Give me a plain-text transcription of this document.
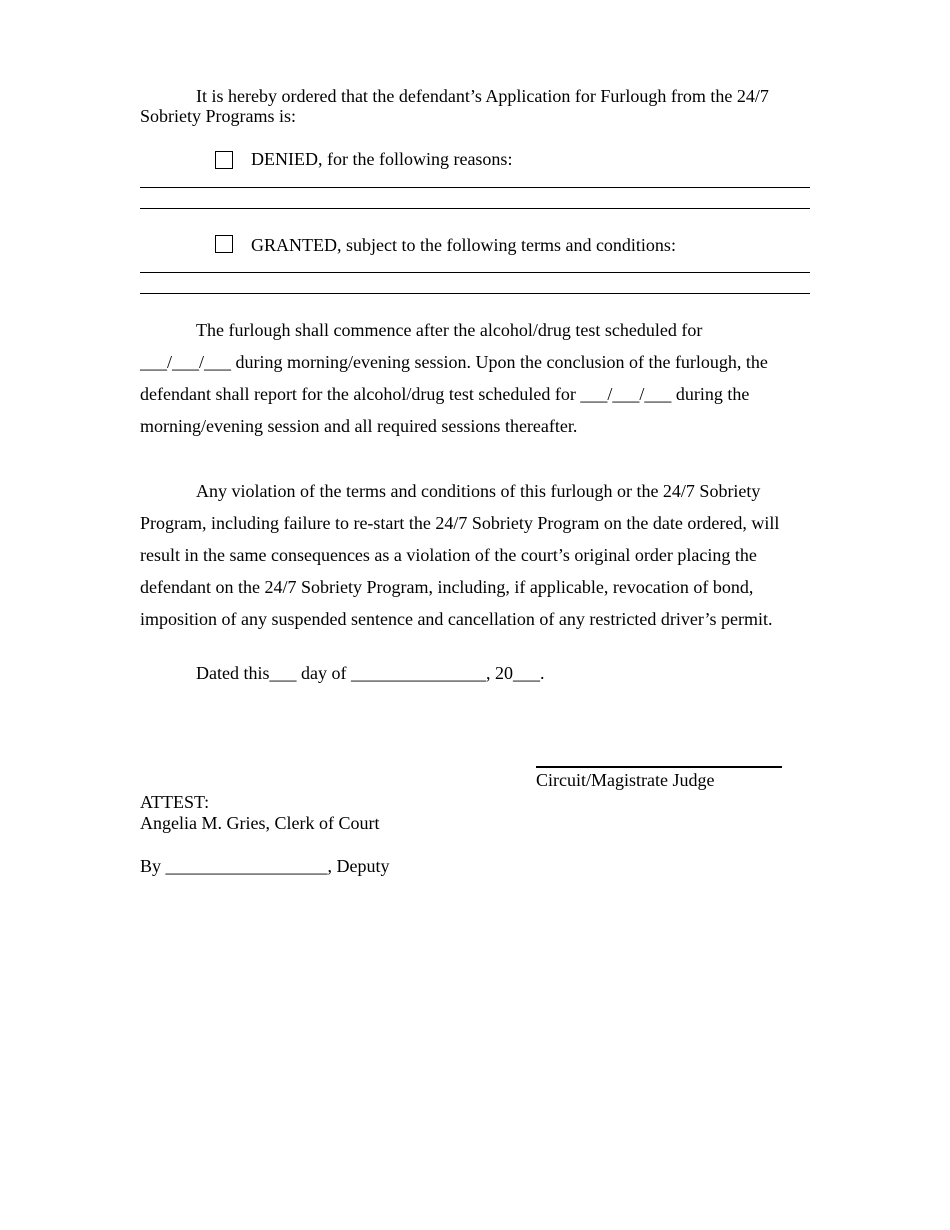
It is hereby ordered that the defendant’s Application for Furlough from the 24/7
Sobriety Programs is:
DENIED, for the following reasons:
GRANTED, subject to the following terms and conditions:
The furlough shall commence after the alcohol/drug test scheduled for
___/___/___ during morning/evening session. Upon the conclusion of the furlough, the
defendant shall report for the alcohol/drug test scheduled for ___/___/___ during the
morning/evening session and all required sessions thereafter.
Any violation of the terms and conditions of this furlough or the 24/7 Sobriety
Program, including failure to re-start the 24/7 Sobriety Program on the date ordered, will
result in the same consequences as a violation of the court’s original order placing the
defendant on the 24/7 Sobriety Program, including, if applicable, revocation of bond,
imposition of any suspended sentence and cancellation of any restricted driver’s permit.
Dated this___ day of _______________, 20___.
Circuit/Magistrate Judge
ATTEST:
Angelia M. Gries, Clerk of Court
By __________________, Deputy
